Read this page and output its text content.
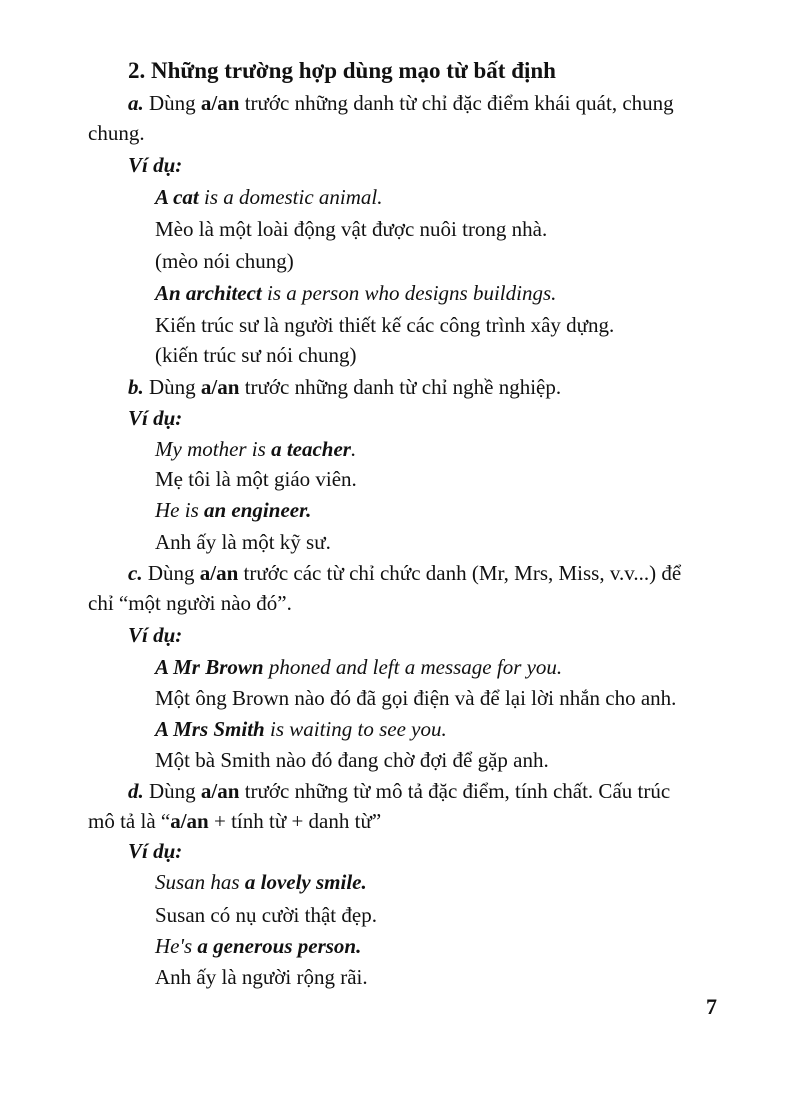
2. Những trường hợp dùng mạo từ bất định
a. Dùng a/an trước những danh từ chỉ đặc điểm khái quát, chung
chung.
Ví dụ:
A cat is a domestic animal.
Mèo là một loài động vật được nuôi trong nhà.
(mèo nói chung)
An architect is a person who designs buildings.
Kiến trúc sư là người thiết kế các công trình xây dựng.
(kiến trúc sư nói chung)
b. Dùng a/an trước những danh từ chỉ nghề nghiệp.
Ví dụ:
My mother is a teacher.
Mẹ tôi là một giáo viên.
He is an engineer.
Anh ấy là một kỹ sư.
c. Dùng a/an trước các từ chỉ chức danh (Mr, Mrs, Miss, v.v...) để
chỉ “một người nào đó”.
Ví dụ:
A Mr Brown phoned and left a message for you.
Một ông Brown nào đó đã gọi điện và để lại lời nhắn cho anh.
A Mrs Smith is waiting to see you.
Một bà Smith nào đó đang chờ đợi để gặp anh.
d. Dùng a/an trước những từ mô tả đặc điểm, tính chất. Cấu trúc
mô tả là “a/an + tính từ + danh từ”
Ví dụ:
Susan has a lovely smile.
Susan có nụ cười thật đẹp.
He's a generous person.
Anh ấy là người rộng rãi.
7
